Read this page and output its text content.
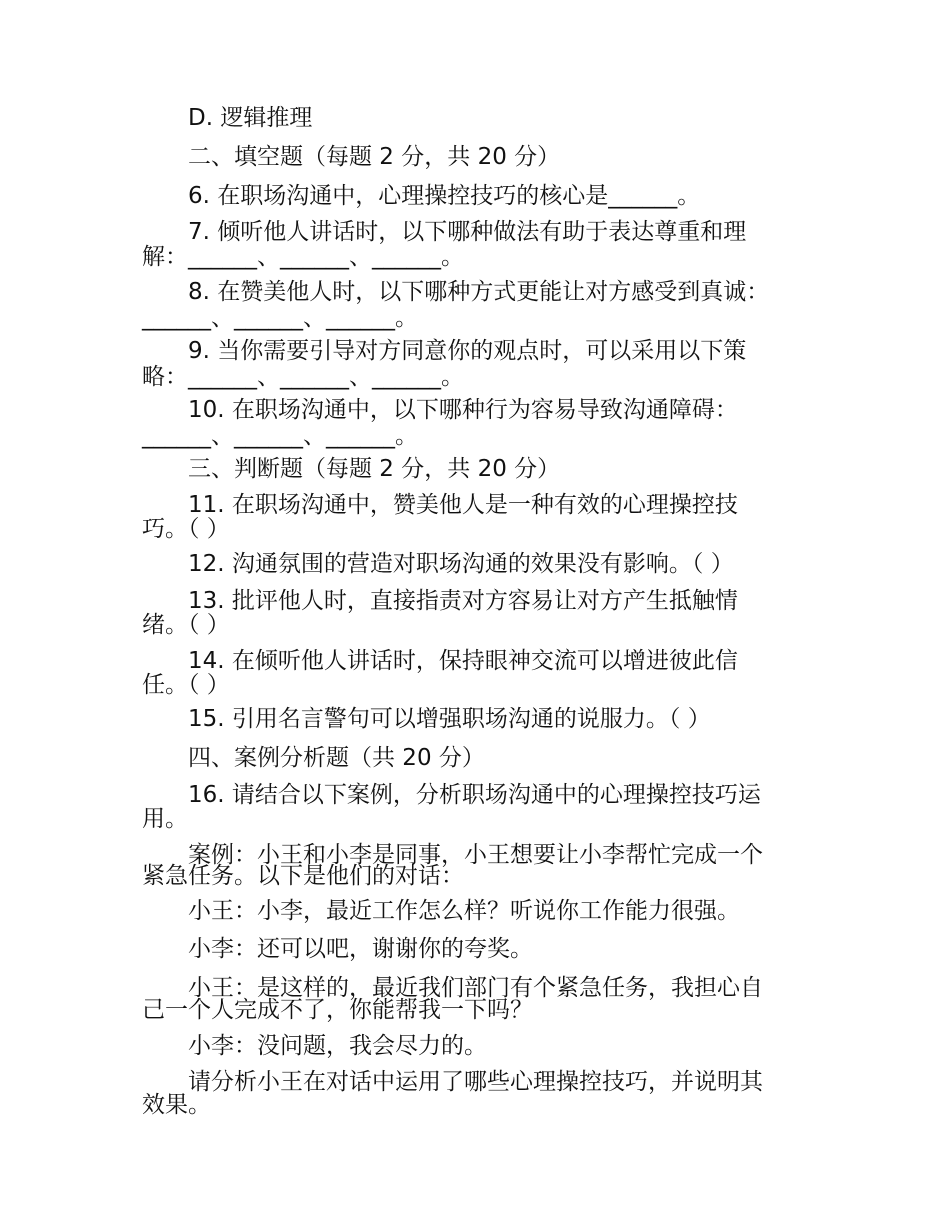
D. 逻辑推理
二、填空题（每题 2 分，共 20 分）
6. 在职场沟通中，心理操控技巧的核心是______。
7. 倾听他人讲话时，以下哪种做法有助于表达尊重和理
解：______、______、______。
8. 在赞美他人时，以下哪种方式更能让对方感受到真诚：
______、______、______。
9. 当你需要引导对方同意你的观点时，可以采用以下策
略：______、______、______。
10. 在职场沟通中，以下哪种行为容易导致沟通障碍：
______、______、______。
三、判断题（每题 2 分，共 20 分）
11. 在职场沟通中，赞美他人是一种有效的心理操控技
巧。（ ）
12. 沟通氛围的营造对职场沟通的效果没有影响。（ ）
13. 批评他人时，直接指责对方容易让对方产生抵触情
绪。（ ）
14. 在倾听他人讲话时，保持眼神交流可以增进彼此信
任。（ ）
15. 引用名言警句可以增强职场沟通的说服力。（ ）
四、案例分析题（共 20 分）
16. 请结合以下案例，分析职场沟通中的心理操控技巧运
用。
案例：小王和小李是同事，小王想要让小李帮忙完成一个
紧急任务。以下是他们的对话：
小王：小李，最近工作怎么样？听说你工作能力很强。
小李：还可以吧，谢谢你的夸奖。
小王：是这样的，最近我们部门有个紧急任务，我担心自
己一个人完成不了，你能帮我一下吗？
小李：没问题，我会尽力的。
请分析小王在对话中运用了哪些心理操控技巧，并说明其
效果。
